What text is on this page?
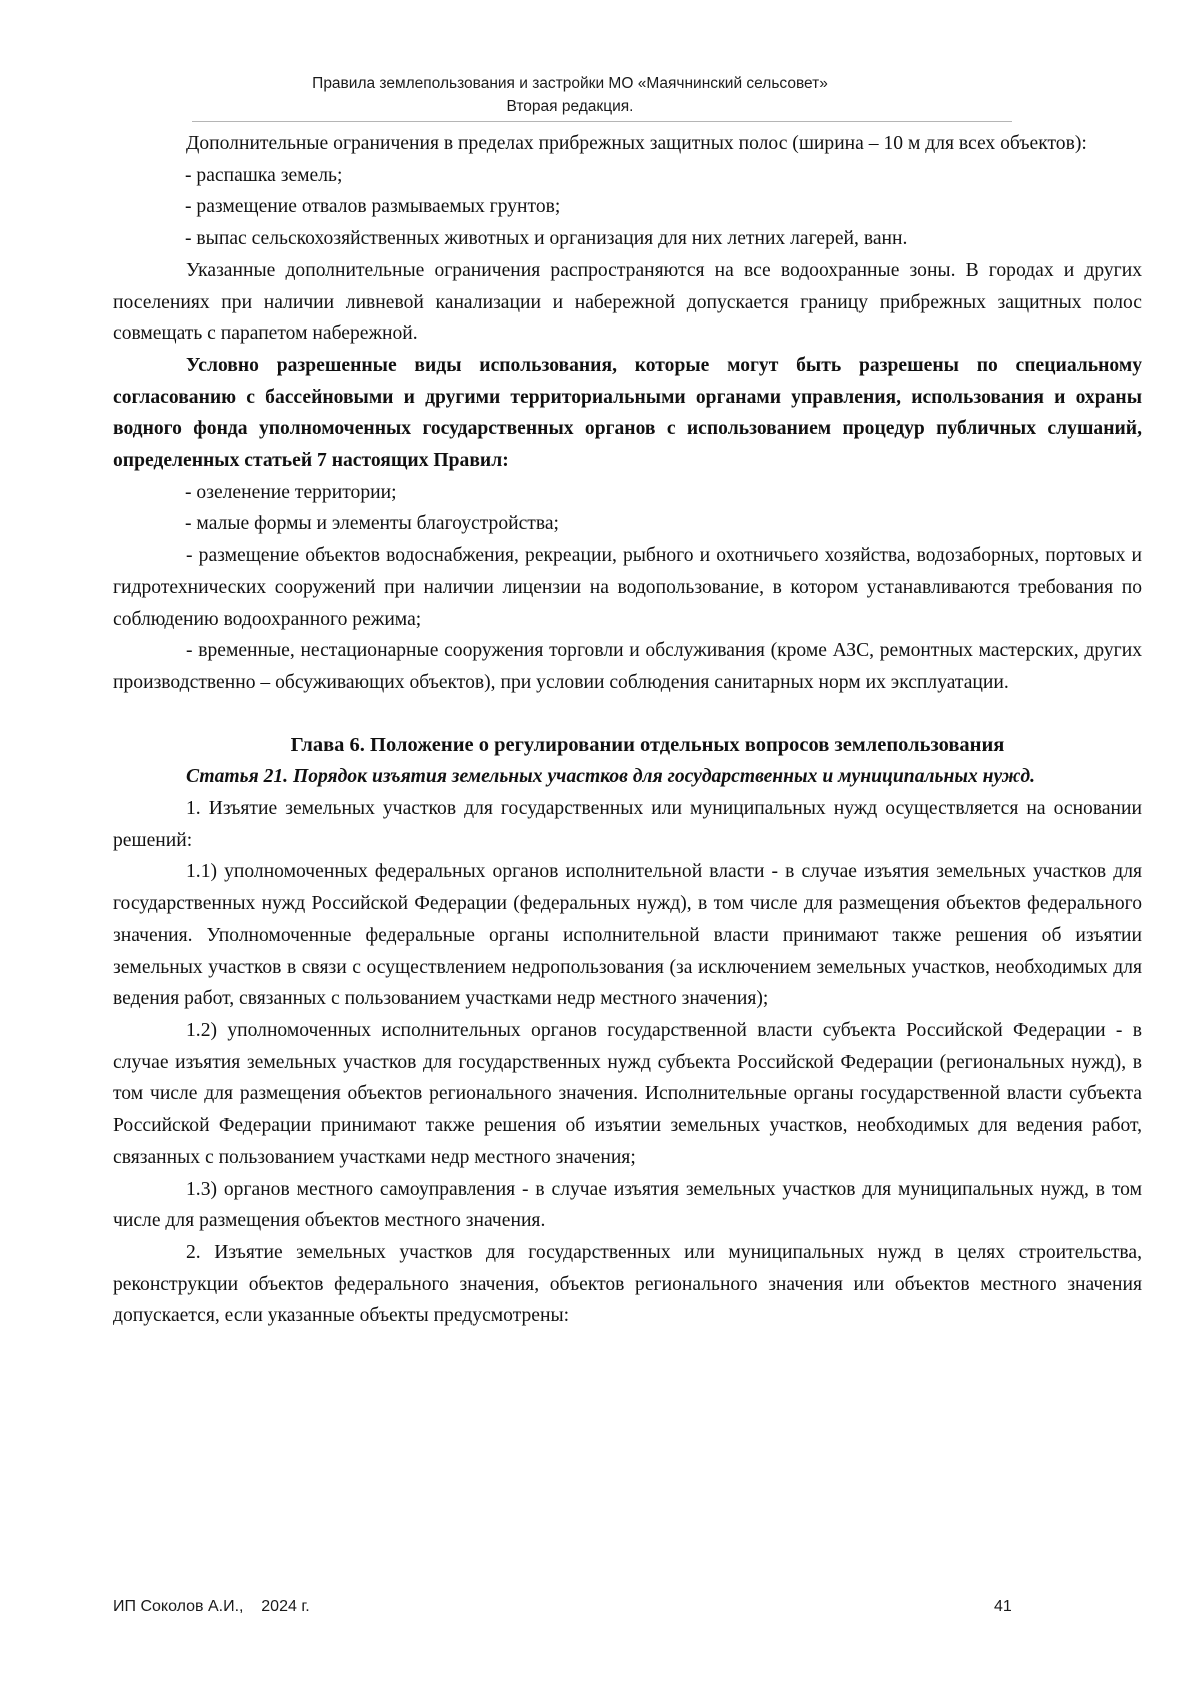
Правила землепользования и застройки МО «Маячнинский сельсовет»
Вторая редакция.

Дополнительные ограничения в пределах прибрежных защитных полос (ширина – 10 м для всех объектов):

- распашка земель;

- размещение отвалов размываемых грунтов;

- выпас сельскохозяйственных животных и организация для них летних лагерей, ванн.

Указанные дополнительные ограничения распространяются на все водоохранные зоны. В городах и других поселениях при наличии ливневой канализации и набережной допускается границу прибрежных защитных полос совмещать с парапетом набережной.

Условно разрешенные виды использования, которые могут быть разрешены по специальному согласованию с бассейновыми и другими территориальными органами управления, использования и охраны водного фонда уполномоченных государственных органов с использованием процедур публичных слушаний, определенных статьей 7 настоящих Правил:

- озеленение территории;

- малые формы и элементы благоустройства;

- размещение объектов водоснабжения, рекреации, рыбного и охотничьего хозяйства, водозаборных, портовых и гидротехнических сооружений при наличии лицензии на водопользование, в котором устанавливаются требования по соблюдению водоохранного режима;

- временные, нестационарные сооружения торговли и обслуживания (кроме АЗС, ремонтных мастерских, других производственно – обсуживающих объектов), при условии соблюдения санитарных норм их эксплуатации.

Глава 6. Положение о регулировании отдельных вопросов землепользования

Статья 21. Порядок изъятия земельных участков для государственных и муниципальных нужд.

1. Изъятие земельных участков для государственных или муниципальных нужд осуществляется на основании решений:

1.1) уполномоченных федеральных органов исполнительной власти - в случае изъятия земельных участков для государственных нужд Российской Федерации (федеральных нужд), в том числе для размещения объектов федерального значения. Уполномоченные федеральные органы исполнительной власти принимают также решения об изъятии земельных участков в связи с осуществлением недропользования (за исключением земельных участков, необходимых для ведения работ, связанных с пользованием участками недр местного значения);

1.2) уполномоченных исполнительных органов государственной власти субъекта Российской Федерации - в случае изъятия земельных участков для государственных нужд субъекта Российской Федерации (региональных нужд), в том числе для размещения объектов регионального значения. Исполнительные органы государственной власти субъекта Российской Федерации принимают также решения об изъятии земельных участков, необходимых для ведения работ, связанных с пользованием участками недр местного значения;

1.3) органов местного самоуправления - в случае изъятия земельных участков для муниципальных нужд, в том числе для размещения объектов местного значения.

2. Изъятие земельных участков для государственных или муниципальных нужд в целях строительства, реконструкции объектов федерального значения, объектов регионального значения или объектов местного значения допускается, если указанные объекты предусмотрены:

ИП Соколов А.И.,    2024 г.	41
